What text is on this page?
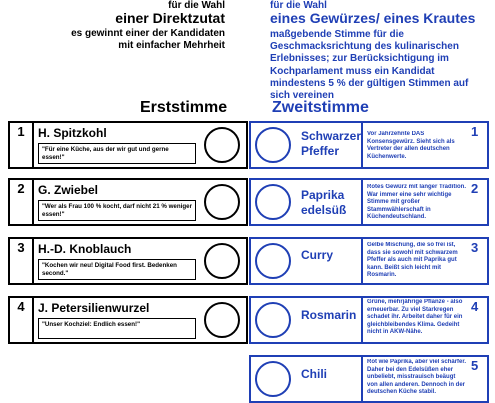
für die Wahl
einer Direktzutat
es gewinnt einer der Kandidaten
mit einfacher Mehrheit
für die Wahl
eines Gewürzes/ eines Krautes
maßgebende Stimme für die Geschmacksrichtung des kulinarischen Erlebnisses; zur Berücksichtigung im Kochparlament muss ein Kandidat mindestens 5 % der gültigen Stimmen auf sich vereinen
Erststimme	Zweitstimme
1	H. Spitzkohl
"Für eine Küche, aus der wir gut und gerne essen!"
2	G. Zwiebel
"Wer als Frau 100 % kocht, darf nicht 21 % weniger essen!"
3	H.-D. Knoblauch
"Kochen wir neu! Digital Food first. Bedenken second."
4	J. Petersilienwurzel
"Unser Kochziel: Endlich essen!"
Schwarzer
Pfeffer
Vor Jahrzehnte DAS Konsensgewürz. Sieht sich als Vertreter der allen deutschen Küchenwerte.
1
Paprika
edelsüß
Rotes Gewürz mit langer Tradition. War immer eine sehr wichtige Stimme mit großer Stammwählerschaft in Küchendeutschland.
2
Curry
Gelbe Mischung, die so frei ist, dass sie sowohl mit schwarzem Pfeffer als auch mit Paprika gut kann. Beißt sich leicht mit Rosmarin.
3
Rosmarin
Grüne, mehrjährige Pflanze - also erneuerbar. Zu viel Starkregen schadet ihr. Arbeitet daher für ein gleichbleibendes Klima. Gedeiht nicht in AKW-Nähe.
4
Chili
Rot wie Paprika, aber viel schärfer. Daher bei den Edelsüßen eher unbeliebt, misstrauisch beäugt von allen anderen. Dennoch in der deutschen Küche stabil.
5
